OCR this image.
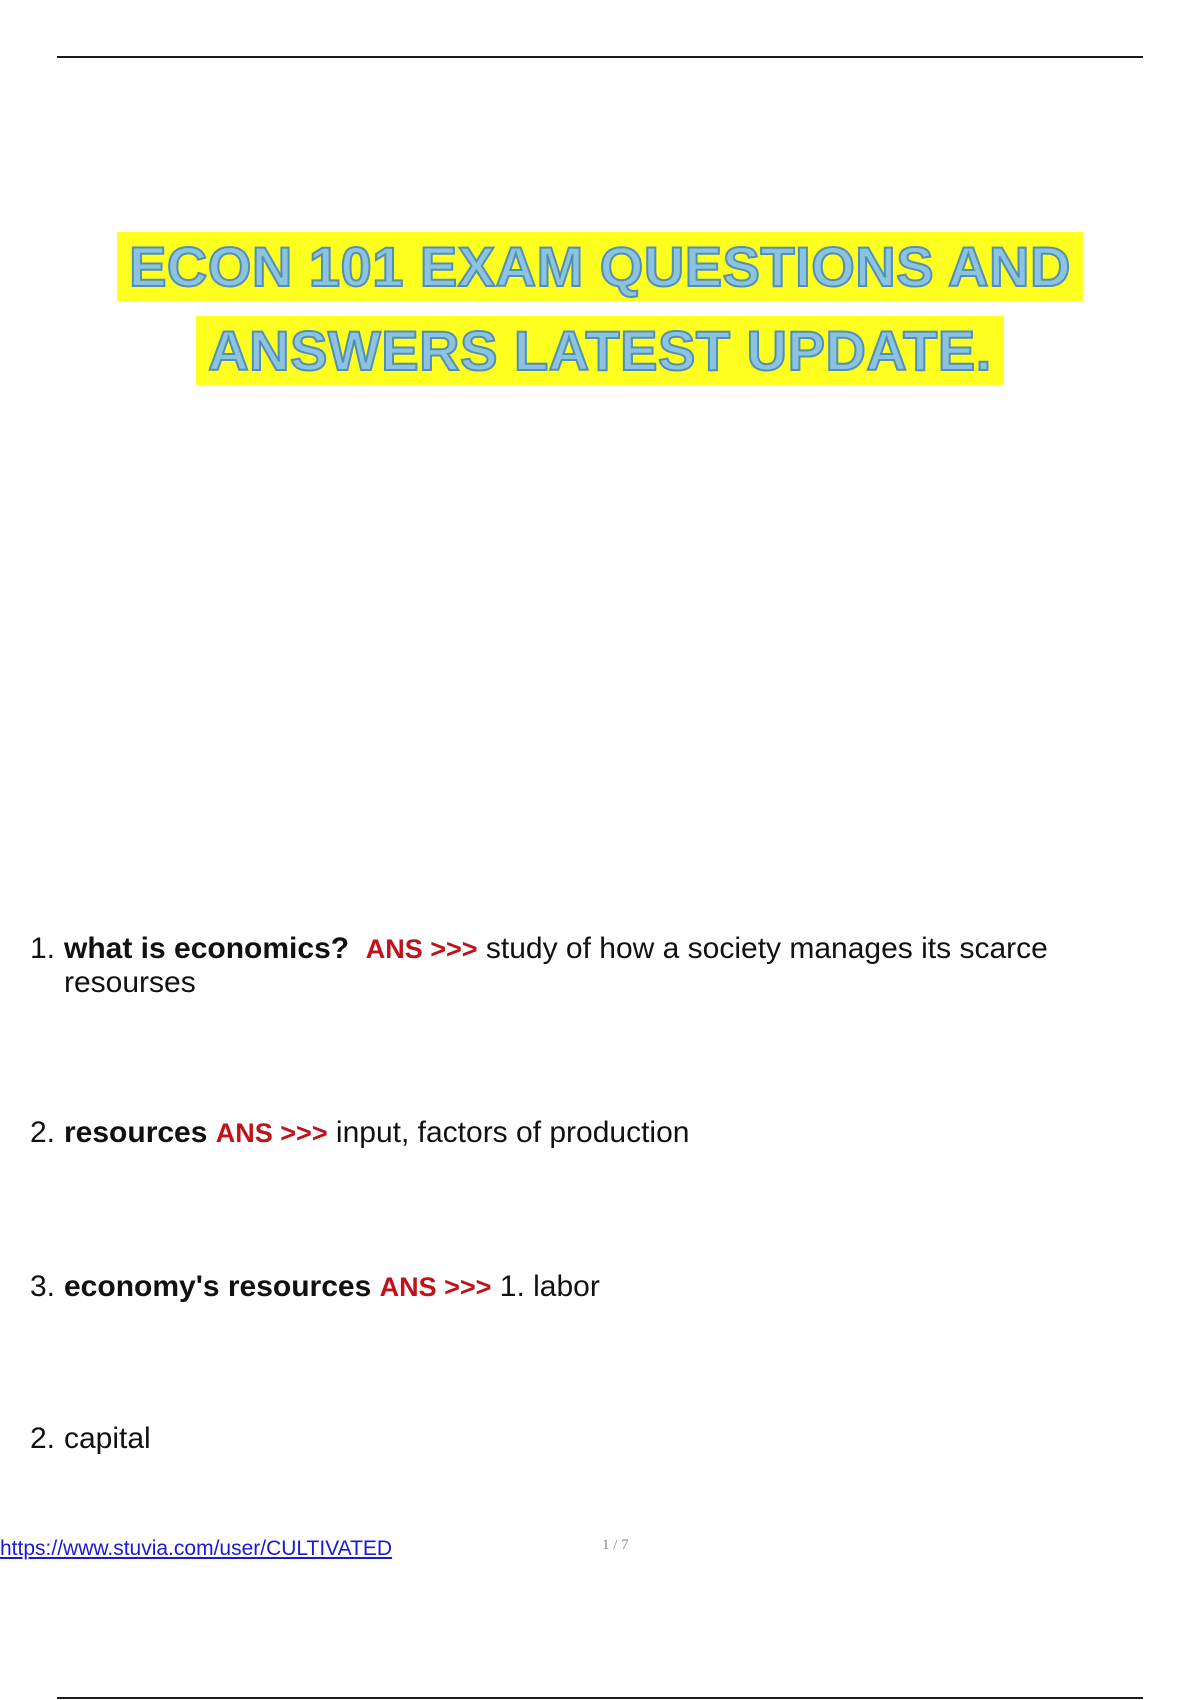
ECON 101 EXAM QUESTIONS AND
ANSWERS LATEST UPDATE.
1. what is economics? ANS >>> study of how a society manages its scarce
resourses
2. resources ANS >>> input, factors of production
3. economy's resources ANS >>> 1. labor
2. capital
https://www.stuvia.com/user/CULTIVATED	1 / 7
